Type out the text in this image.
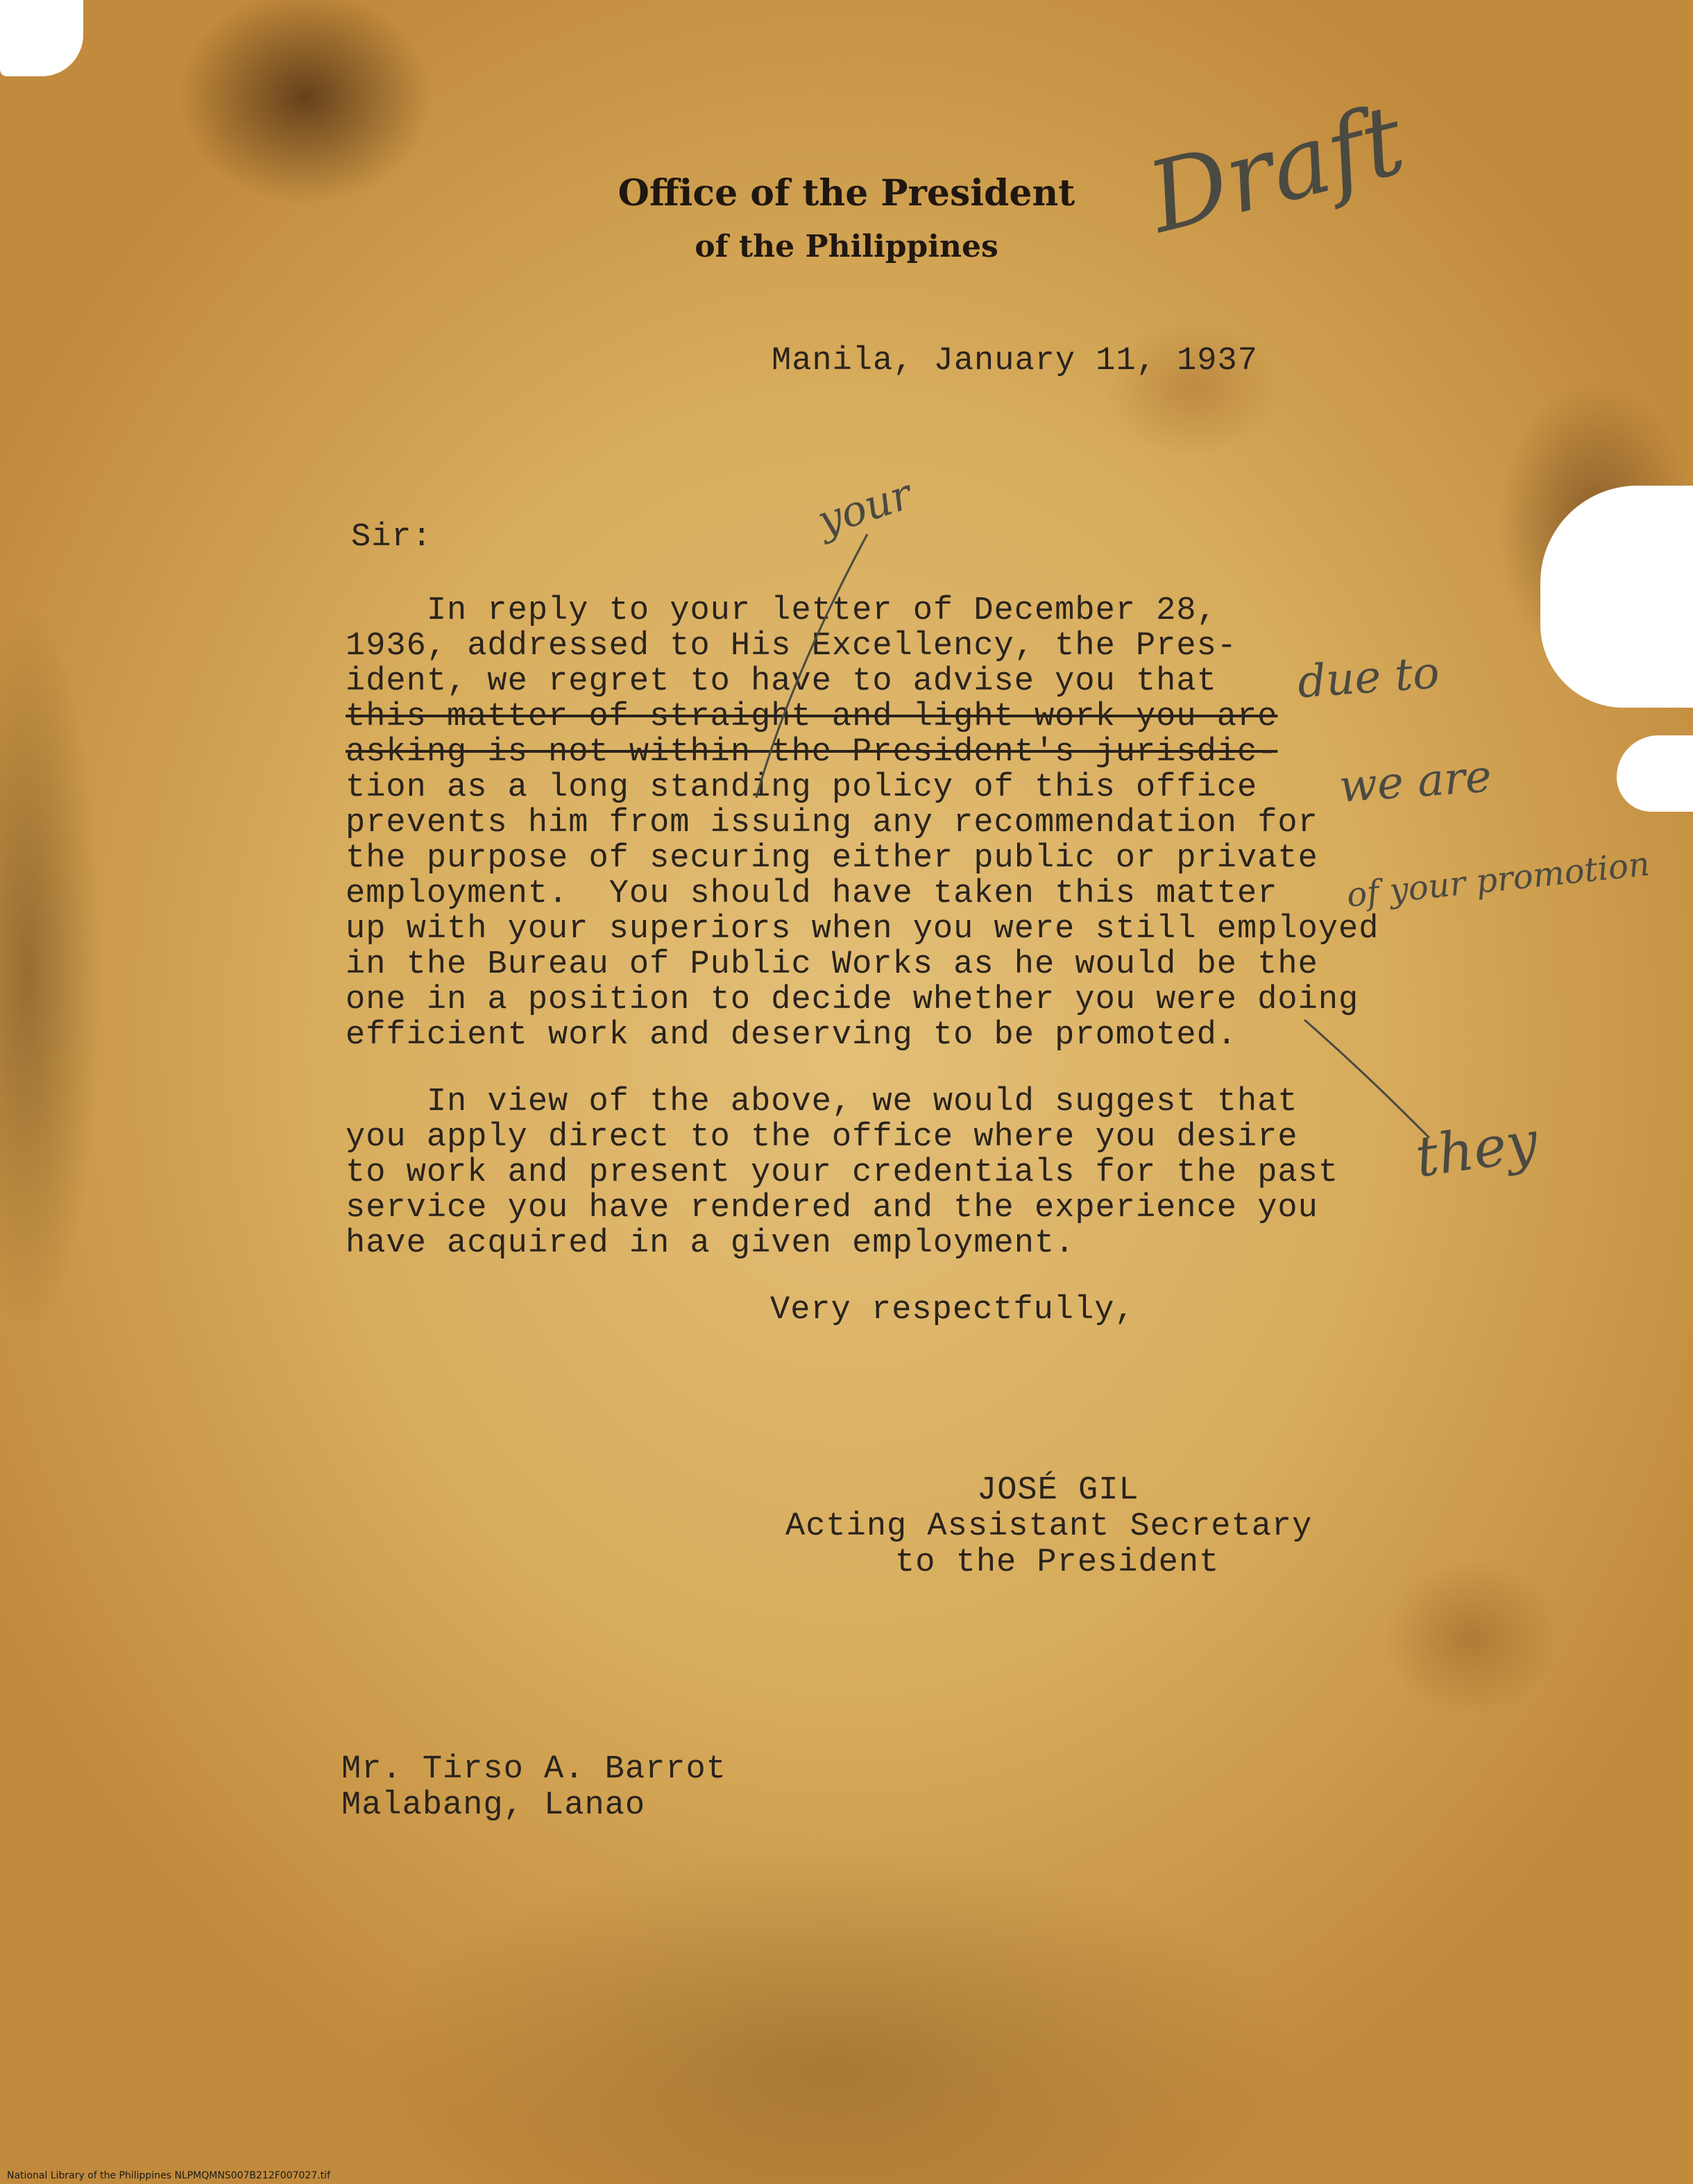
Office of the President
of the Philippines	Draft
Manila, January 11, 1937
your
Sir:
In reply to your letter of December 28,
1936, addressed to His Excellency, the Pres-
ident, we regret to have to advise you that
this matter of straight and light work you are
asking is not within the President's jurisdic-
tion as a long standing policy of this office
prevents him from issuing any recommendation for
the purpose of securing either public or private
employment.  You should have taken this matter
up with your superiors when you were still employed
in the Bureau of Public Works as he would be the
one in a position to decide whether you were doing
efficient work and deserving to be promoted.
In view of the above, we would suggest that
you apply direct to the office where you desire
to work and present your credentials for the past
service you have rendered and the experience you
have acquired in a given employment.
due to
we are
of your promotion
they
Very respectfully,
JOSÉ GIL
Acting Assistant Secretary
to the President
Mr. Tirso A. Barrot
Malabang, Lanao
National Library of the Philippines NLPMQMNS007B212F007027.tif
